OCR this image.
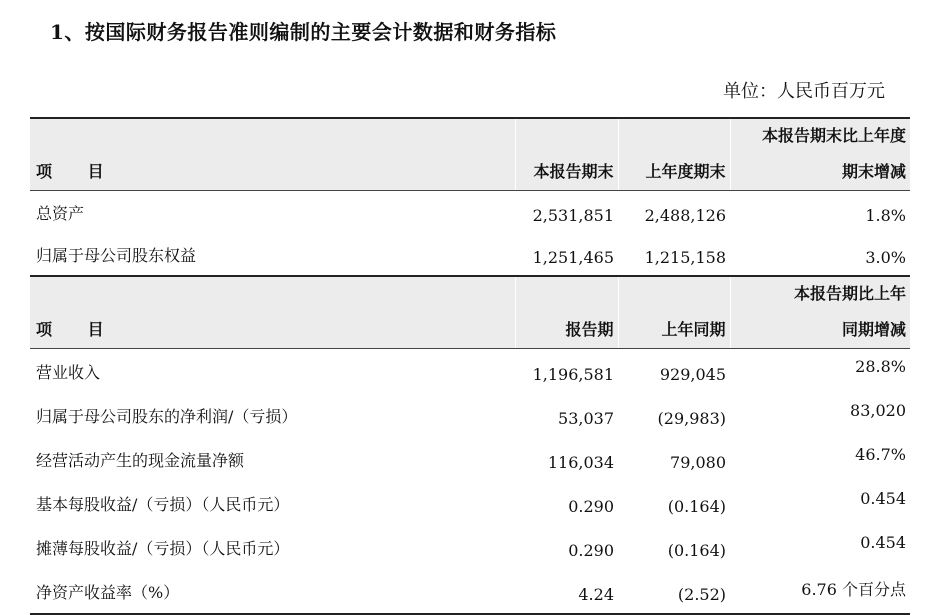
1、按国际财务报告准则编制的主要会计数据和财务指标
单位：人民币百万元
项 目	本报告期末	上年度期末	本报告期末比上年度
期末增减

总资产	2,531,851	2,488,126	1.8%
归属于母公司股东权益	1,251,465	1,215,158	3.0%
项 目	报告期	上年同期	本报告期比上年
同期增减

营业收入	1,196,581	929,045	28.8%
归属于母公司股东的净利润/（亏损）	53,037	(29,983)	83,020
经营活动产生的现金流量净额	116,034	79,080	46.7%
基本每股收益/（亏损）（人民币元）	0.290	(0.164)	0.454
摊薄每股收益/（亏损）（人民币元）	0.290	(0.164)	0.454
净资产收益率（%）	4.24	(2.52)	6.76 个百分点
